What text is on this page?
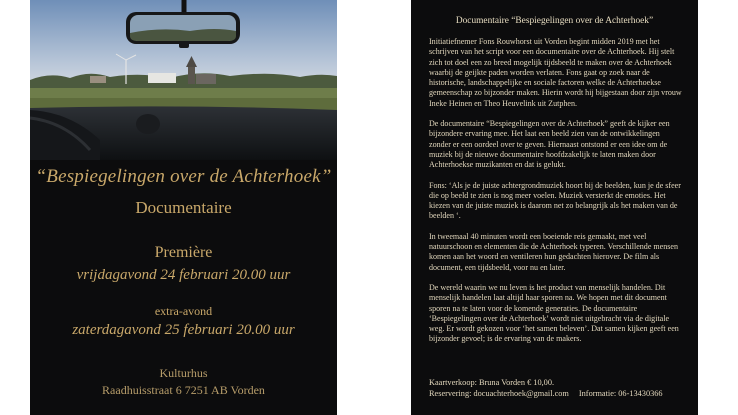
“Bespiegelingen over de Achterhoek”
Documentaire
Première
vrijdagavond 24 februari 20.00 uur
extra-avond
zaterdagavond 25 februari 20.00 uur
Kulturhus
Raadhuisstraat 6 7251 AB Vorden
Documentaire “Bespiegelingen over de Achterhoek”

Initiatiefnemer Fons Rouwhorst uit Vorden begint midden 2019 met het schrijven van het script voor een documentaire over de Achterhoek. Hij stelt zich tot doel een zo breed mogelijk tijdsbeeld te maken over de Achterhoek waarbij de geijkte paden worden verlaten. Fons gaat op zoek naar de historische, landschappelijke en sociale factoren welke de Achterhoekse gemeenschap zo bijzonder maken. Hierin wordt hij bijgestaan door zijn vrouw Ineke Heinen en Theo Heuvelink uit Zutphen.

De documentaire “Bespiegelingen over de Achterhoek” geeft de kijker een bijzondere ervaring mee. Het laat een beeld zien van de ontwikkelingen zonder er een oordeel over te geven. Hiernaast ontstond er een idee om de muziek bij de nieuwe documentaire hoofdzakelijk te laten maken door Achterhoekse muzikanten en dat is gelukt.

Fons: ‘Als je de juiste achtergrondmuziek hoort bij de beelden, kun je de sfeer die op beeld te zien is nog meer voelen. Muziek versterkt de emoties. Het kiezen van de juiste muziek is daarom net zo belangrijk als het maken van de beelden ‘.

In tweemaal 40 minuten wordt een boeiende reis gemaakt, met veel natuurschoon en elementen die de Achterhoek typeren. Verschillende mensen komen aan het woord en ventileren hun gedachten hierover. De film als document, een tijdsbeeld, voor nu en later.

De wereld waarin we nu leven is het product van menselijk handelen. Dit menselijk handelen laat altijd haar sporen na. We hopen met dit document sporen na te laten voor de komende generaties. De documentaire ‘Bespiegelingen over de Achterhoek’ wordt niet uitgebracht via de digitale weg. Er wordt gekozen voor ‘het samen beleven’. Dat samen kijken geeft een bijzonder gevoel; is de ervaring van de makers.

Kaartverkoop: Bruna Vorden € 10,00.
Reservering: docuachterhoek@gmail.com Informatie: 06-13430366
